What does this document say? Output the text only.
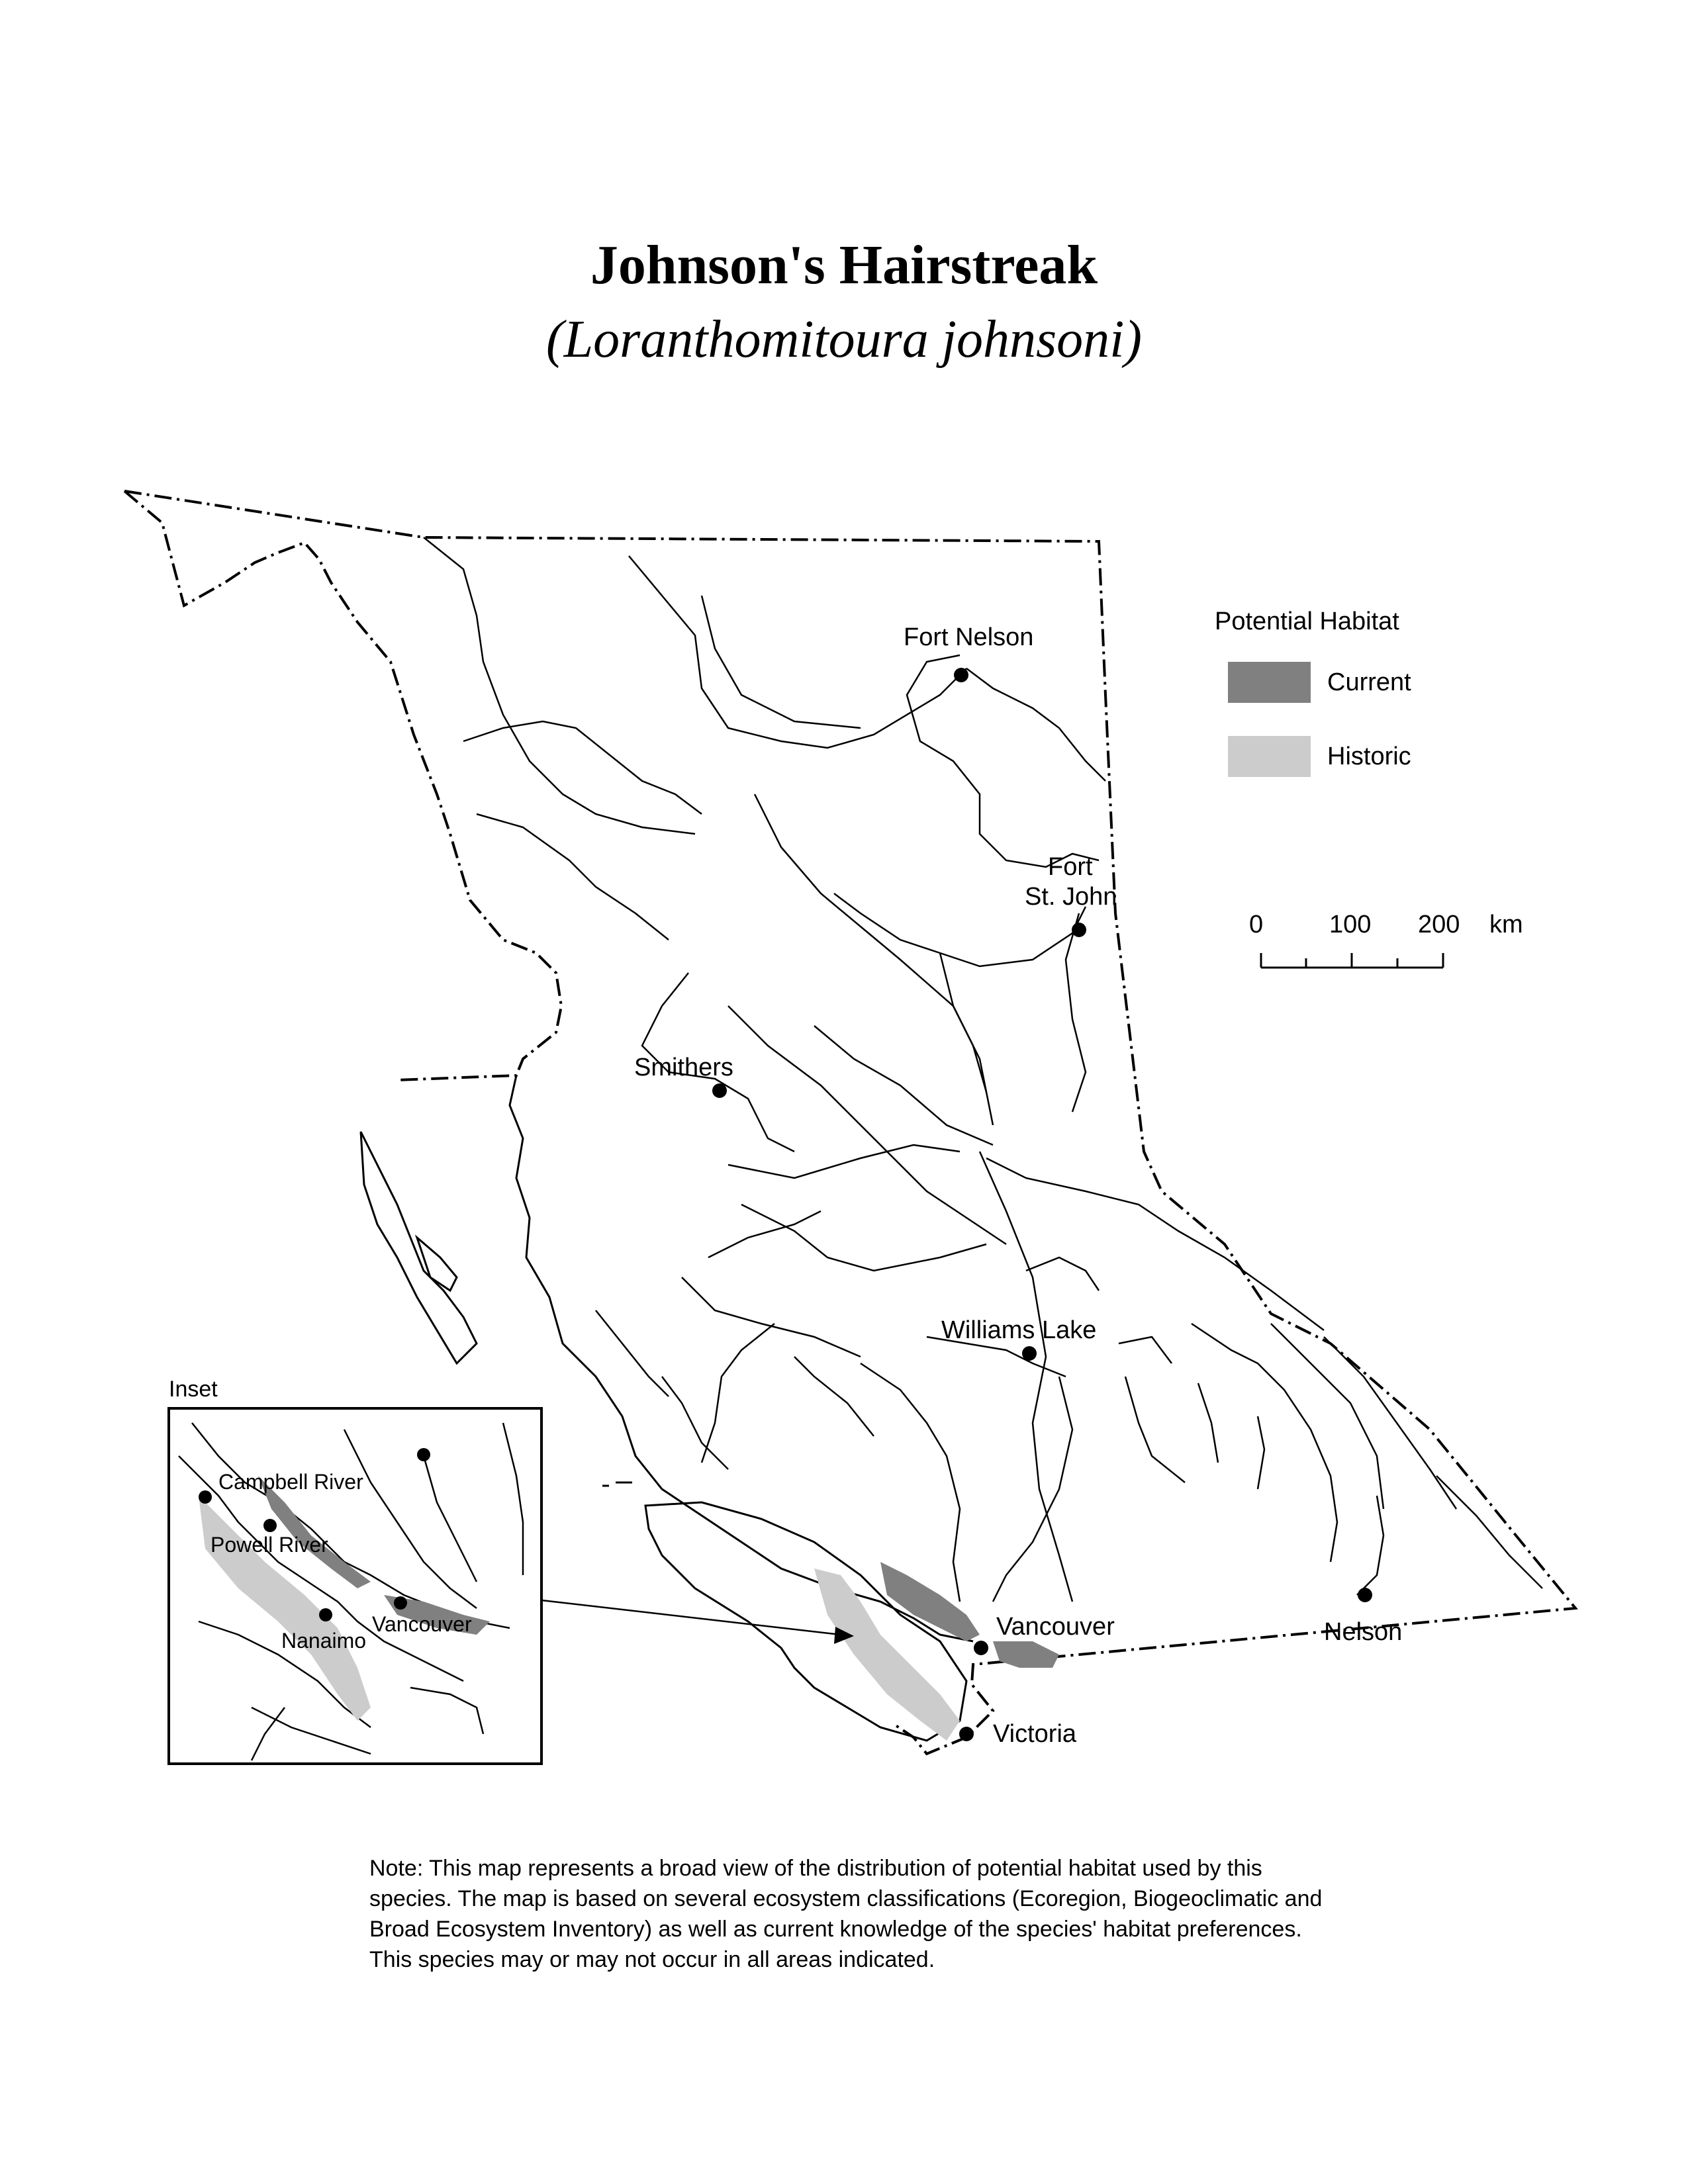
Johnson's Hairstreak
(Loranthomitoura johnsoni)
Campbell River
Powell River
Vancouver
Nanaimo
Fort Nelson
Fort
St. John
Smithers
Williams Lake
Vancouver	Nelson
Victoria
Potential Habitat
Current
Historic
0	100 200 km
Inset
Note: This map represents a broad view of the distribution of potential habitat used by this species. The map is based on several ecosystem classifications (Ecoregion, Biogeoclimatic and Broad Ecosystem Inventory) as well as current knowledge of the species' habitat preferences. This species may or may not occur in all areas indicated.
